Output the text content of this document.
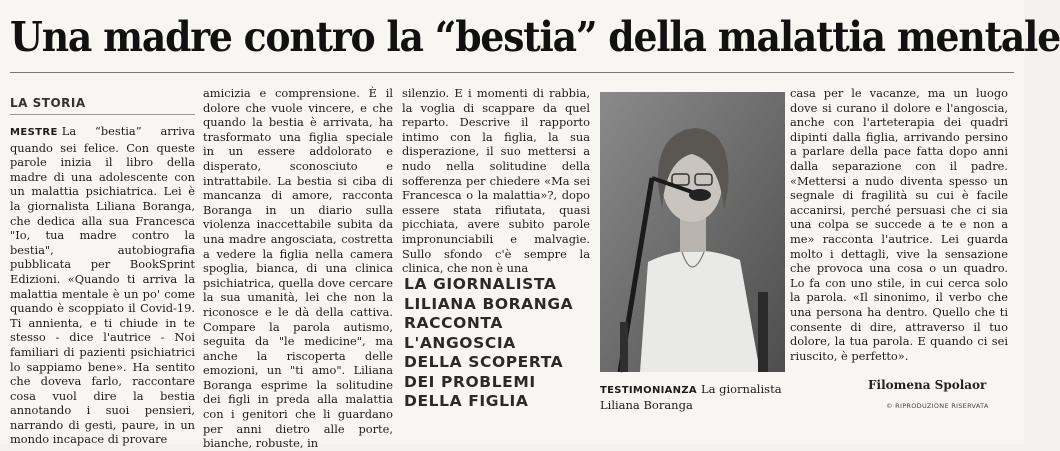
Una madre contro la “bestia” della malattia mentale
LA STORIA
MESTRE La “bestia” arriva quando sei felice. Con queste parole inizia il libro della madre di una adolescente con un malattia psichiatrica. Lei è la giornalista Liliana Boranga, che dedica alla sua Francesca "Io, tua madre contro la bestia", autobiografia pubblicata per BookSprint Edizioni. «Quando ti arriva la malattia mentale è un po' come quando è scoppiato il Covid-19. Ti annienta, e ti chiude in te stesso - dice l'autrice - Noi familiari di pazienti psichiatrici lo sappiamo bene». Ha sentito che doveva farlo, raccontare cosa vuol dire la bestia annotando i suoi pensieri, narrando di gesti, paure, in un mondo incapace di provare
amicizia e comprensione. È il dolore che vuole vincere, e che quando la bestia è arrivata, ha trasformato una figlia speciale in un essere addolorato e disperato, sconosciuto e intrattabile. La bestia si ciba di mancanza di amore, racconta Boranga in un diario sulla violenza inaccettabile subita da una madre angosciata, costretta a vedere la figlia nella camera spoglia, bianca, di una clinica psichiatrica, quella dove cercare la sua umanità, lei che non la riconosce e le dà della cattiva. Compare la parola autismo, seguita da "le medicine", ma anche la riscoperta delle emozioni, un "ti amo". Liliana Boranga esprime la solitudine dei figli in preda alla malattia con i genitori che li guardano per anni dietro alle porte, bianche, robuste, in
silenzio. E i momenti di rabbia, la voglia di scappare da quel reparto. Descrive il rapporto intimo con la figlia, la sua disperazione, il suo mettersi a nudo nella solitudine della sofferenza per chiedere «Ma sei Francesca o la malattia»?, dopo essere stata rifiutata, quasi picchiata, avere subito parole impronunciabili e malvagie. Sullo sfondo c'è sempre la clinica, che non è una
LA GIORNALISTA
LILIANA BORANGA
RACCONTA L'ANGOSCIA
DELLA SCOPERTA
DEI PROBLEMI
DELLA FIGLIA
TESTIMONIANZA La giornalista Liliana Boranga
casa per le vacanze, ma un luogo dove si curano il dolore e l'angoscia, anche con l'arteterapia dei quadri dipinti dalla figlia, arrivando persino a parlare della pace fatta dopo anni dalla separazione con il padre. «Mettersi a nudo diventa spesso un segnale di fragilità su cui è facile accanirsi, perché persuasi che ci sia una colpa se succede a te e non a me» racconta l'autrice. Lei guarda molto i dettagli, vive la sensazione che provoca una cosa o un quadro. Lo fa con uno stile, in cui cerca solo la parola. «Il sinonimo, il verbo che una persona ha dentro. Quello che ti consente di dire, attraverso il tuo dolore, la tua parola. E quando ci sei riuscito, è perfetto».
Filomena Spolaor
© RIPRODUZIONE RISERVATA
